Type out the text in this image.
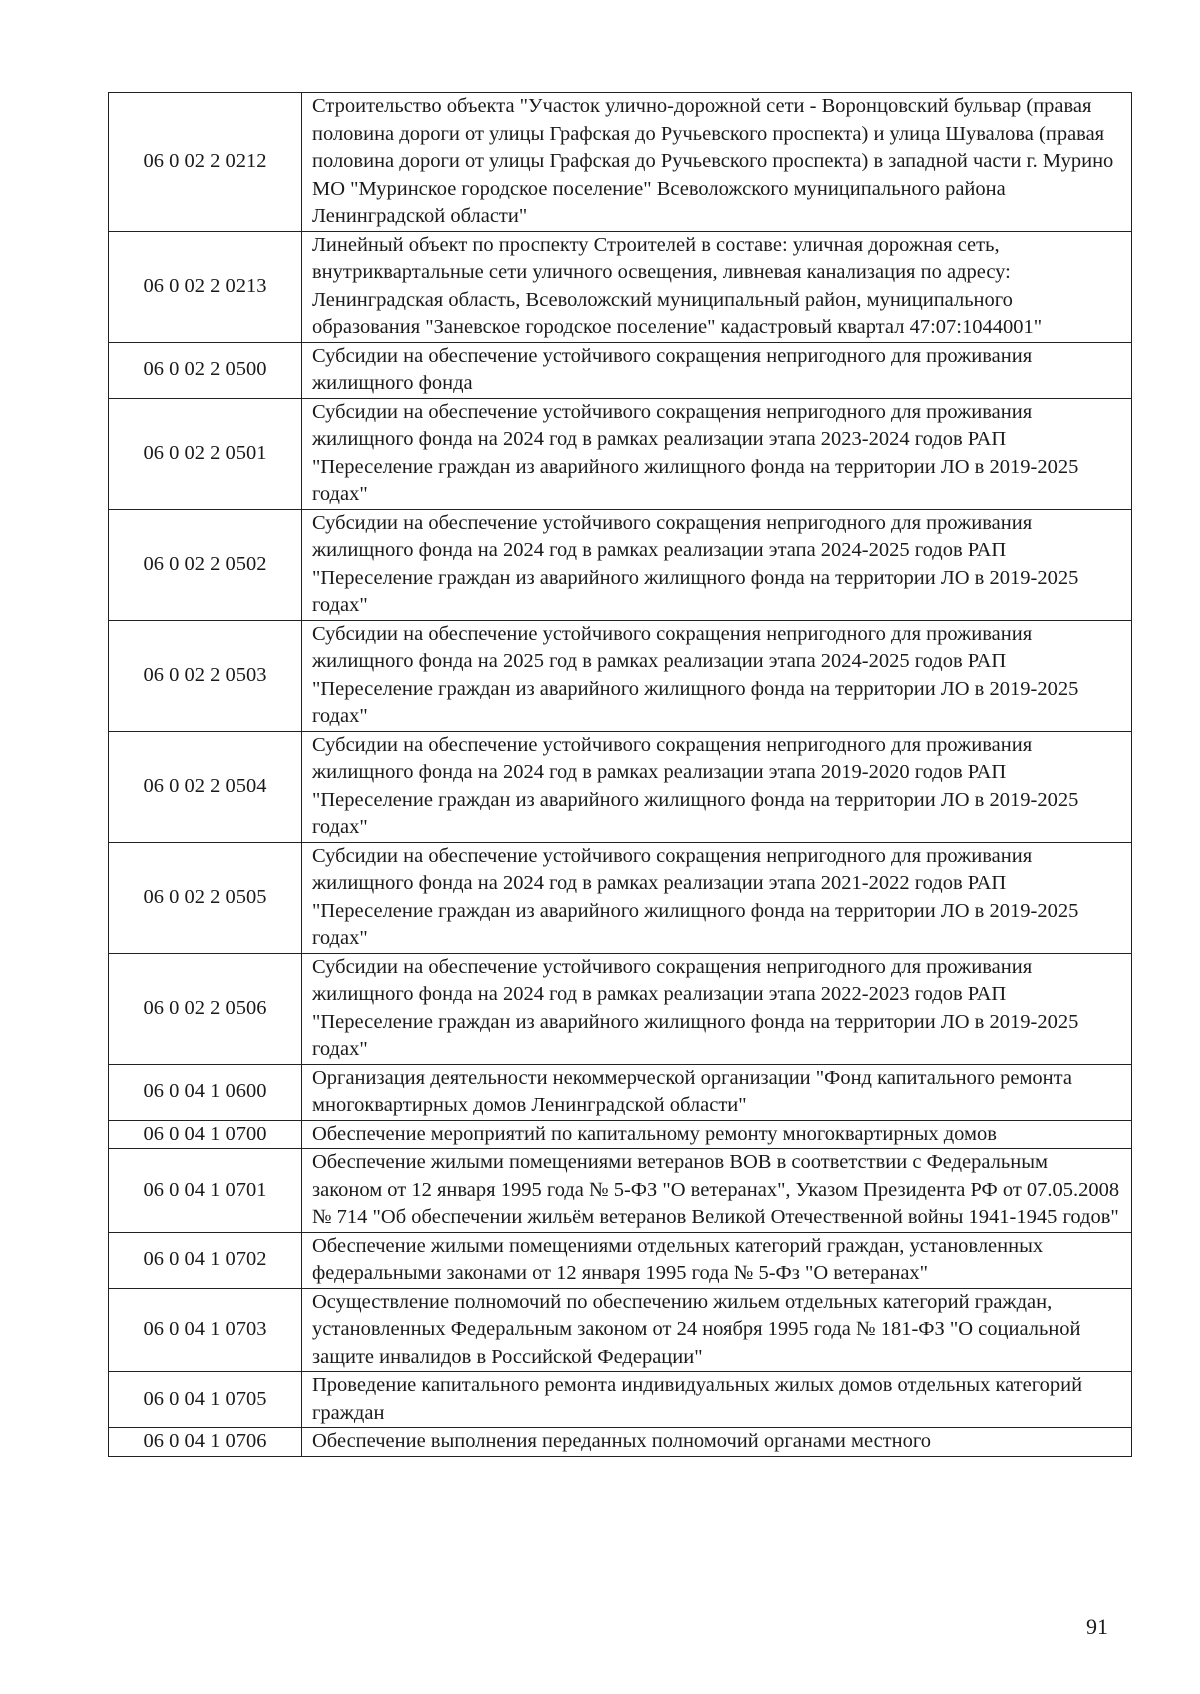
06 0 02 2 0212	Строительство объекта "Участок улично-дорожной сети - Воронцовский бульвар (правая половина дороги от улицы Графская до Ручьевского проспекта) и улица Шувалова (правая половина дороги от улицы Графская до Ручьевского проспекта) в западной части г. Мурино МО "Муринское городское поселение" Всеволожского муниципального района Ленинградской области"
06 0 02 2 0213	Линейный объект по проспекту Строителей в составе: уличная дорожная сеть, внутриквартальные сети уличного освещения, ливневая канализация по адресу: Ленинградская область, Всеволожский муниципальный район, муниципального образования "Заневское городское поселение" кадастровый квартал 47:07:1044001"
06 0 02 2 0500	Субсидии на обеспечение устойчивого сокращения непригодного для проживания жилищного фонда
06 0 02 2 0501	Субсидии на обеспечение устойчивого сокращения непригодного для проживания жилищного фонда на 2024 год в рамках реализации этапа 2023-2024 годов РАП "Переселение граждан из аварийного жилищного фонда на территории ЛО в 2019-2025 годах"
06 0 02 2 0502	Субсидии на обеспечение устойчивого сокращения непригодного для проживания жилищного фонда на 2024 год в рамках реализации этапа 2024-2025 годов РАП "Переселение граждан из аварийного жилищного фонда на территории ЛО в 2019-2025 годах"
06 0 02 2 0503	Субсидии на обеспечение устойчивого сокращения непригодного для проживания жилищного фонда на 2025 год в рамках реализации этапа 2024-2025 годов РАП "Переселение граждан из аварийного жилищного фонда на территории ЛО в 2019-2025 годах"
06 0 02 2 0504	Субсидии на обеспечение устойчивого сокращения непригодного для проживания жилищного фонда на 2024 год в рамках реализации этапа 2019-2020 годов РАП "Переселение граждан из аварийного жилищного фонда на территории ЛО в 2019-2025 годах"
06 0 02 2 0505	Субсидии на обеспечение устойчивого сокращения непригодного для проживания жилищного фонда на 2024 год в рамках реализации этапа 2021-2022 годов РАП "Переселение граждан из аварийного жилищного фонда на территории ЛО в 2019-2025 годах"
06 0 02 2 0506	Субсидии на обеспечение устойчивого сокращения непригодного для проживания жилищного фонда на 2024 год в рамках реализации этапа 2022-2023 годов РАП "Переселение граждан из аварийного жилищного фонда на территории ЛО в 2019-2025 годах"
06 0 04 1 0600	Организация деятельности некоммерческой организации "Фонд капитального ремонта многоквартирных домов Ленинградской области"
06 0 04 1 0700	Обеспечение мероприятий по капитальному ремонту многоквартирных домов
06 0 04 1 0701	Обеспечение жилыми помещениями ветеранов ВОВ в соответствии с Федеральным законом от 12 января 1995 года № 5-ФЗ "О ветеранах", Указом Президента РФ от 07.05.2008 № 714 "Об обеспечении жильём ветеранов Великой Отечественной войны 1941-1945 годов"
06 0 04 1 0702	Обеспечение жилыми помещениями отдельных категорий граждан, установленных федеральными законами от 12 января 1995 года № 5-Фз "О ветеранах"
06 0 04 1 0703	Осуществление полномочий по обеспечению жильем отдельных категорий граждан, установленных Федеральным законом от 24 ноября 1995 года № 181-ФЗ "О социальной защите инвалидов в Российской Федерации"
06 0 04 1 0705	Проведение капитального ремонта индивидуальных жилых домов отдельных категорий граждан
06 0 04 1 0706	Обеспечение выполнения переданных полномочий органами местного
91
